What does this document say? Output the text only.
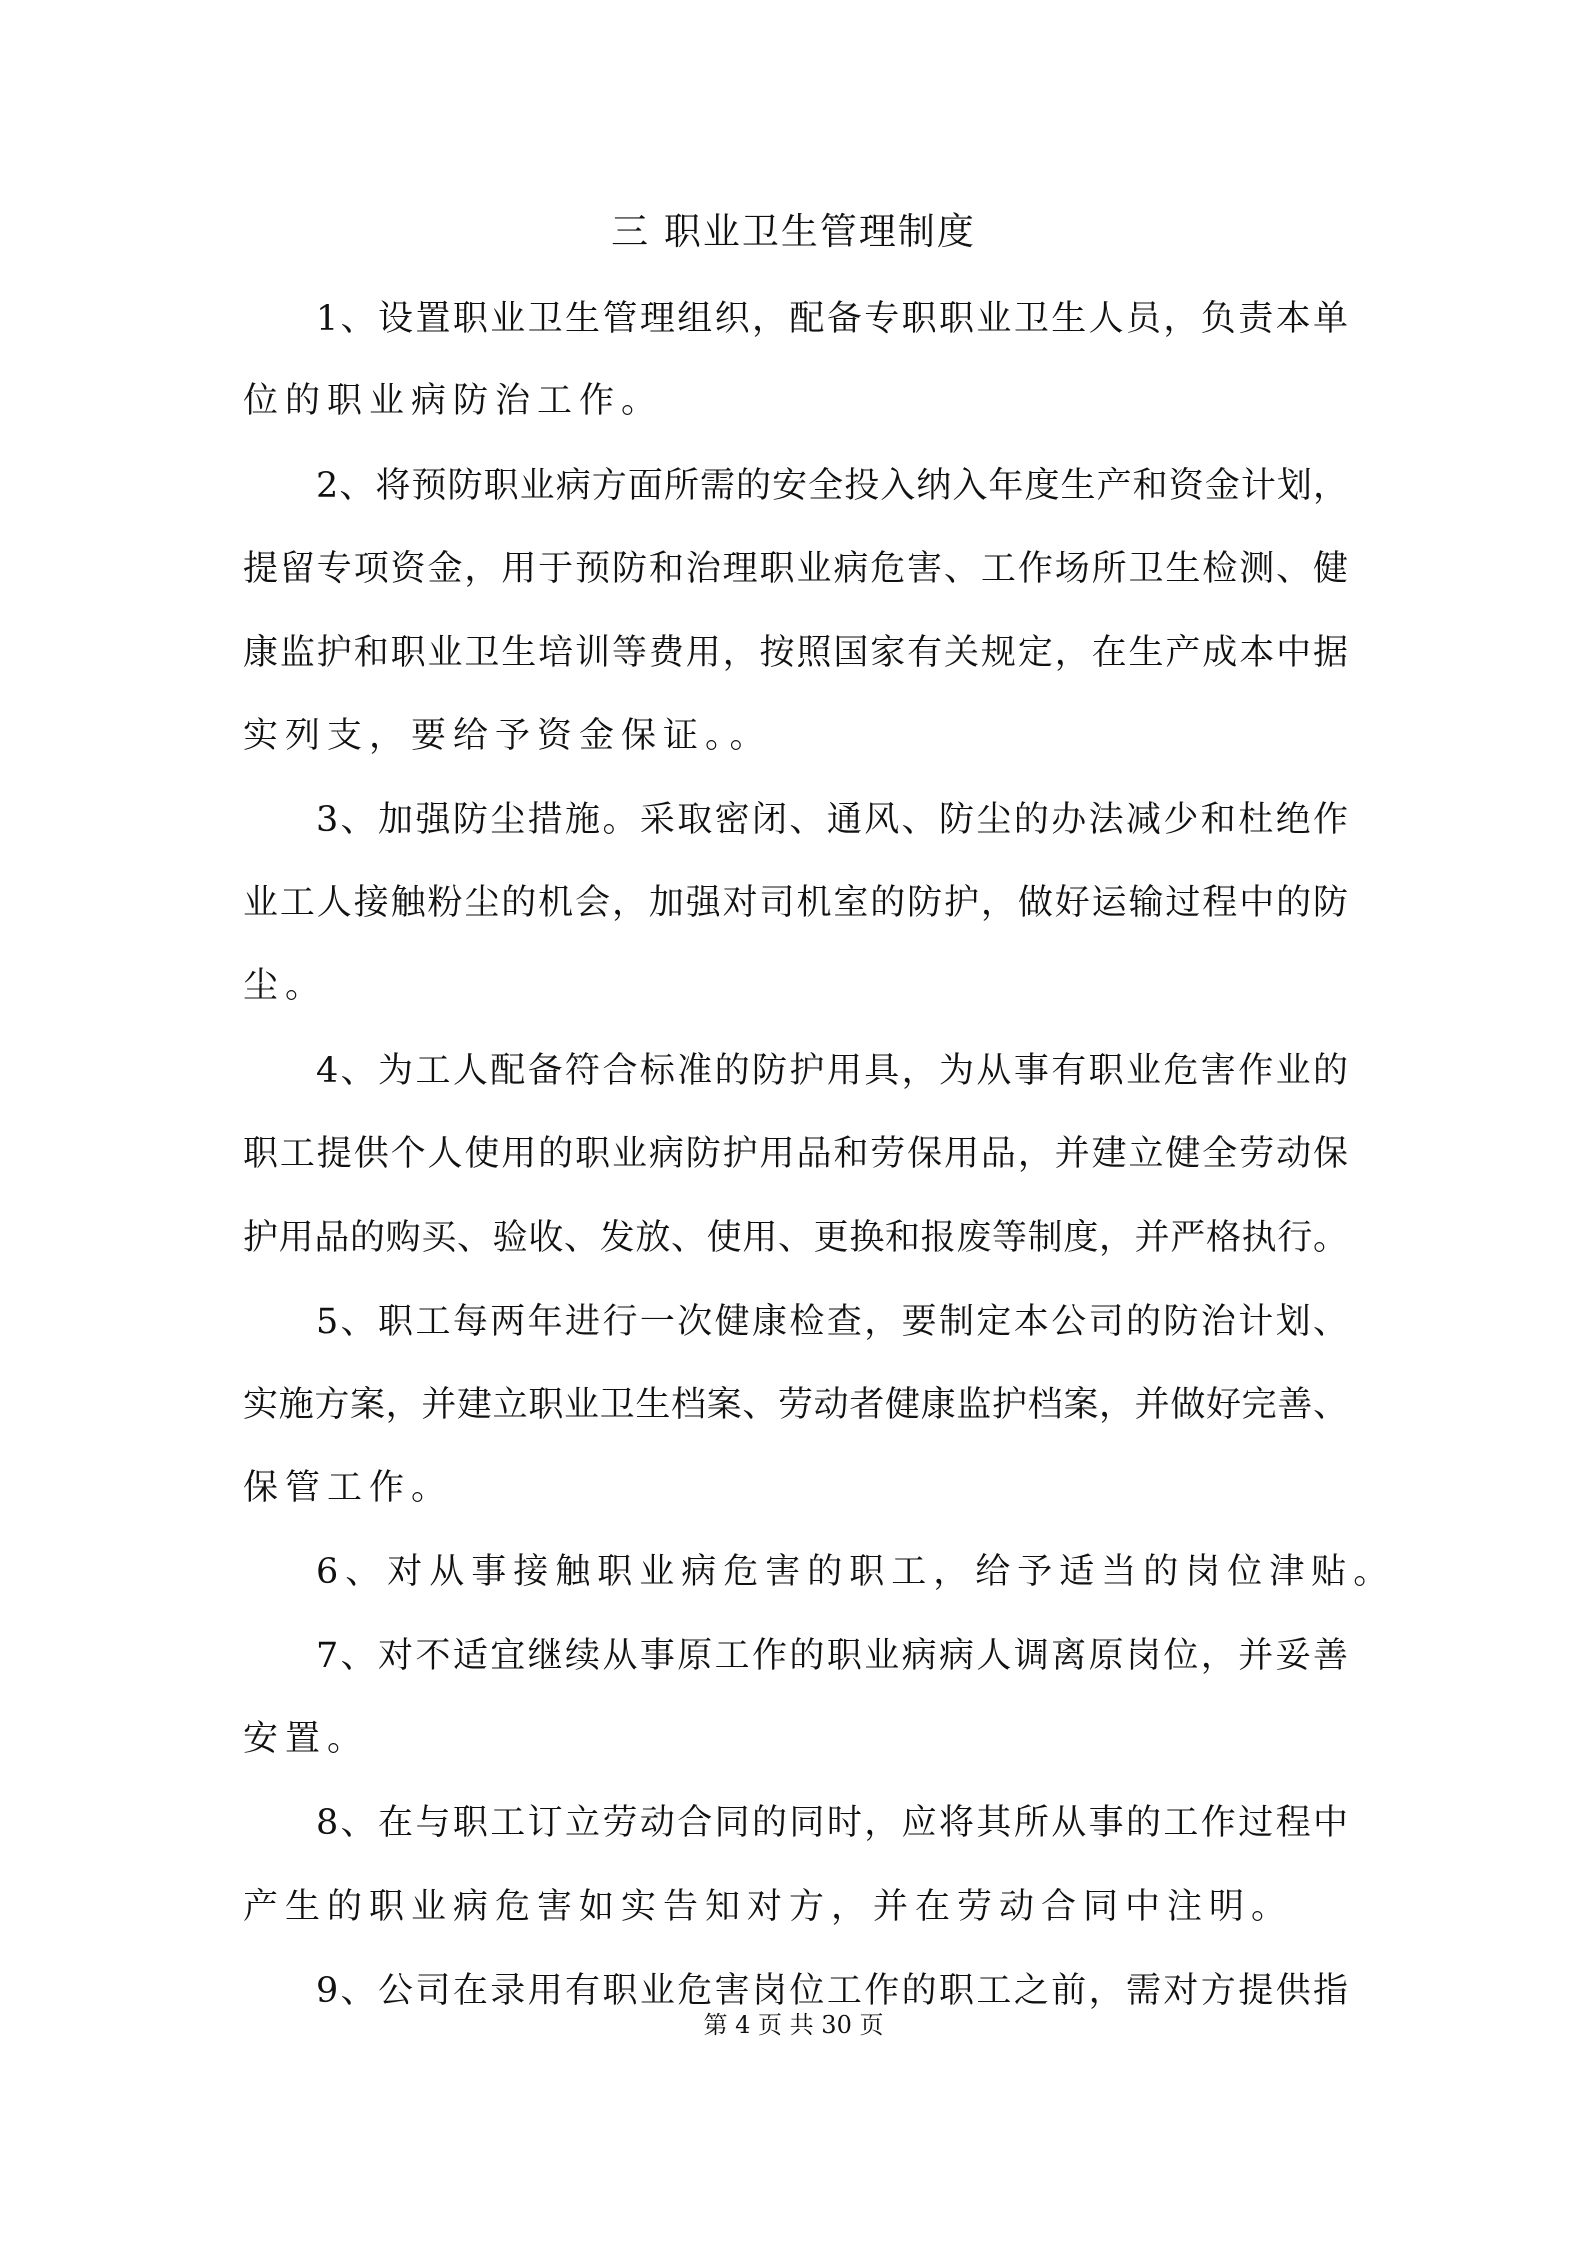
三 职业卫生管理制度
1、设置职业卫生管理组织，配备专职职业卫生人员，负责本单
位的职业病防治工作。
2、将预防职业病方面所需的安全投入纳入年度生产和资金计划，
提留专项资金，用于预防和治理职业病危害、工作场所卫生检测、健
康监护和职业卫生培训等费用，按照国家有关规定，在生产成本中据
实列支，要给予资金保证。。
3、加强防尘措施。采取密闭、通风、防尘的办法减少和杜绝作
业工人接触粉尘的机会，加强对司机室的防护，做好运输过程中的防
尘。
4、为工人配备符合标准的防护用具，为从事有职业危害作业的
职工提供个人使用的职业病防护用品和劳保用品，并建立健全劳动保
护用品的购买、验收、发放、使用、更换和报废等制度，并严格执行。
5、职工每两年进行一次健康检查，要制定本公司的防治计划、
实施方案，并建立职业卫生档案、劳动者健康监护档案，并做好完善、
保管工作。
6、对从事接触职业病危害的职工，给予适当的岗位津贴。
7、对不适宜继续从事原工作的职业病病人调离原岗位，并妥善
安置。
8、在与职工订立劳动合同的同时，应将其所从事的工作过程中
产生的职业病危害如实告知对方，并在劳动合同中注明。
9、公司在录用有职业危害岗位工作的职工之前，需对方提供指
第 4 页 共 30 页
